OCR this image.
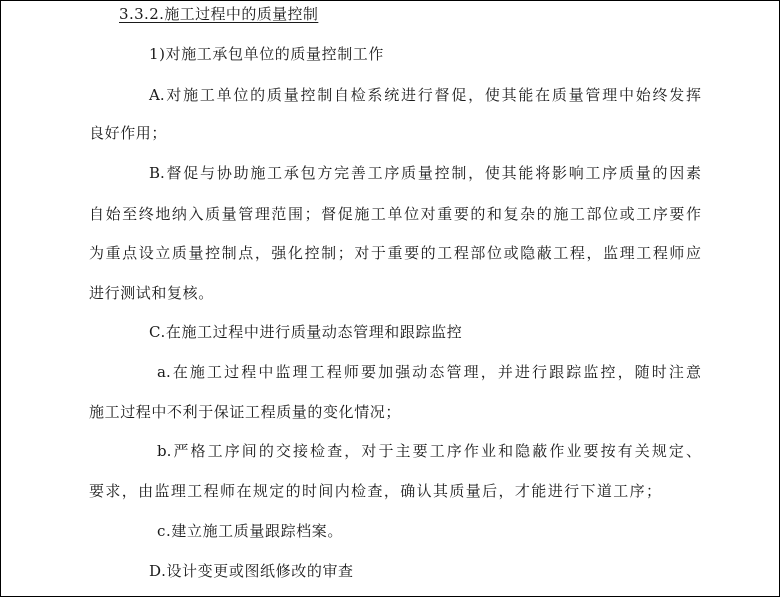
3.3.2.施工过程中的质量控制
1)对施工承包单位的质量控制工作
A.对施工单位的质量控制自检系统进行督促，使其能在质量管理中始终发挥
良好作用；
B.督促与协助施工承包方完善工序质量控制，使其能将影响工序质量的因素
自始至终地纳入质量管理范围；督促施工单位对重要的和复杂的施工部位或工序要作
为重点设立质量控制点，强化控制；对于重要的工程部位或隐蔽工程，监理工程师应
进行测试和复核。
C.在施工过程中进行质量动态管理和跟踪监控
a.在施工过程中监理工程师要加强动态管理，并进行跟踪监控，随时注意
施工过程中不利于保证工程质量的变化情况；
b.严格工序间的交接检查，对于主要工序作业和隐蔽作业要按有关规定、
要求，由监理工程师在规定的时间内检查，确认其质量后，才能进行下道工序；
c.建立施工质量跟踪档案。
D.设计变更或图纸修改的审查
